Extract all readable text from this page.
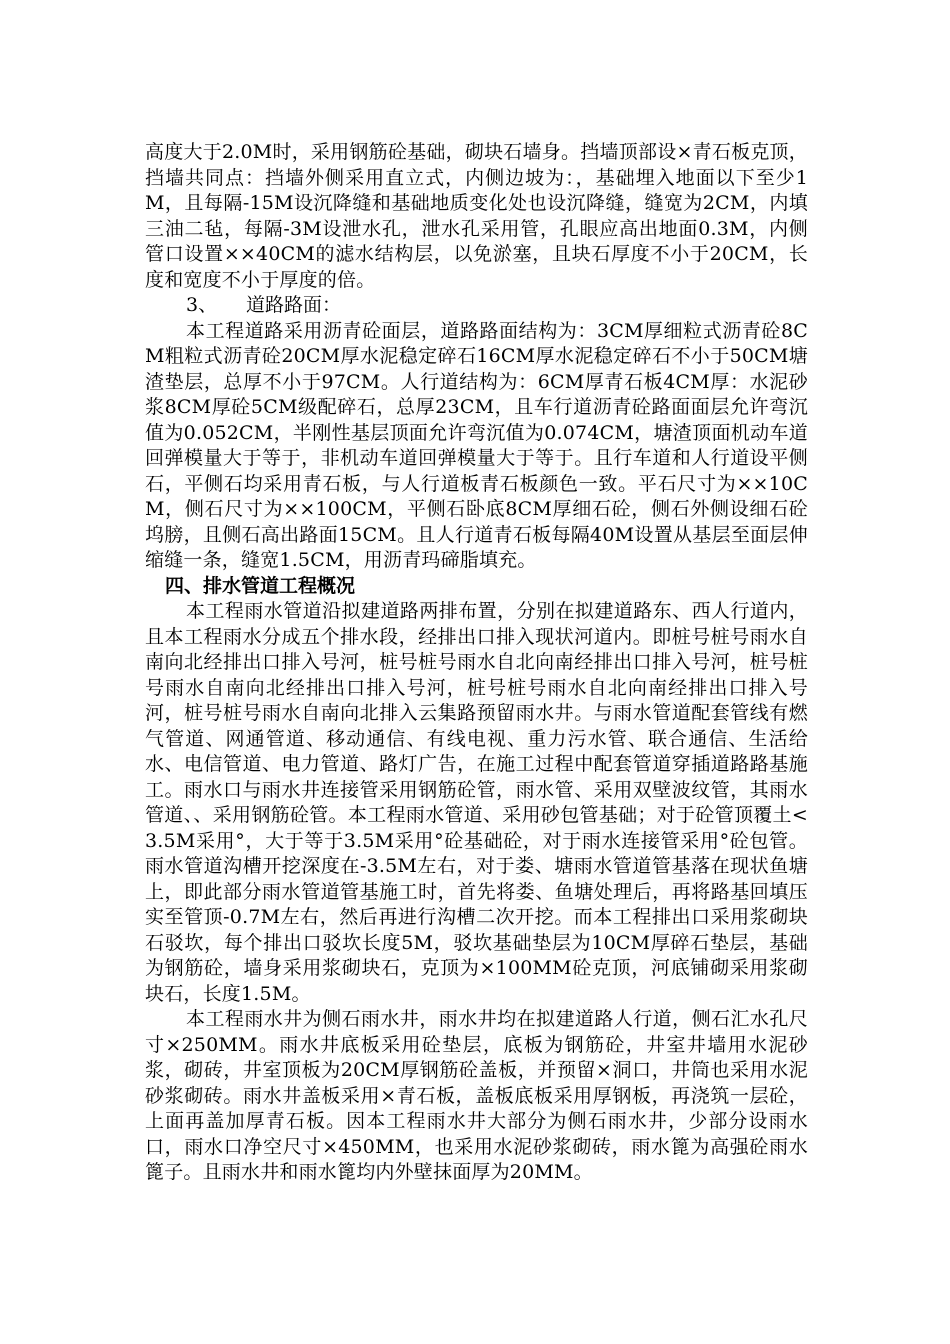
高度大于2.0M时，采用钢筋砼基础，砌块石墙身。挡墙顶部设×青石板克顶，挡墙共同点：挡墙外侧采用直立式，内侧边坡为：，基础埋入地面以下至少1M，且每隔-15M设沉降缝和基础地质变化处也设沉降缝，缝宽为2CM，内填三油二毡，每隔-3M设泄水孔，泄水孔采用管，孔眼应高出地面0.3M，内侧管口设置××40CM的滤水结构层，以免淤塞，且块石厚度不小于20CM，长度和宽度不小于厚度的倍。

3、 道路路面：

本工程道路采用沥青砼面层，道路路面结构为：3CM厚细粒式沥青砼8CM粗粒式沥青砼20CM厚水泥稳定碎石16CM厚水泥稳定碎石不小于50CM塘渣垫层，总厚不小于97CM。人行道结构为：6CM厚青石板4CM厚：水泥砂浆8CM厚砼5CM级配碎石，总厚23CM，且车行道沥青砼路面面层允许弯沉值为0.052CM，半刚性基层顶面允许弯沉值为0.074CM，塘渣顶面机动车道回弹模量大于等于，非机动车道回弹模量大于等于。且行车道和人行道设平侧石，平侧石均采用青石板，与人行道板青石板颜色一致。平石尺寸为××10CM，侧石尺寸为××100CM，平侧石卧底8CM厚细石砼，侧石外侧设细石砼坞膀，且侧石高出路面15CM。且人行道青石板每隔40M设置从基层至面层伸缩缝一条，缝宽1.5CM，用沥青玛碲脂填充。

四、排水管道工程概况

本工程雨水管道沿拟建道路两排布置，分别在拟建道路东、西人行道内，且本工程雨水分成五个排水段，经排出口排入现状河道内。即桩号桩号雨水自南向北经排出口排入号河，桩号桩号雨水自北向南经排出口排入号河，桩号桩号雨水自南向北经排出口排入号河，桩号桩号雨水自北向南经排出口排入号河，桩号桩号雨水自南向北排入云集路预留雨水井。与雨水管道配套管线有燃气管道、网通管道、移动通信、有线电视、重力污水管、联合通信、生活给水、电信管道、电力管道、路灯广告，在施工过程中配套管道穿插道路路基施工。雨水口与雨水井连接管采用钢筋砼管，雨水管、采用双壁波纹管，其雨水管道、、采用钢筋砼管。本工程雨水管道、采用砂包管基础；对于砼管顶覆土<3.5M采用°，大于等于3.5M采用°砼基础砼，对于雨水连接管采用°砼包管。雨水管道沟槽开挖深度在-3.5M左右，对于娄、塘雨水管道管基落在现状鱼塘上，即此部分雨水管道管基施工时，首先将娄、鱼塘处理后，再将路基回填压实至管顶-0.7M左右，然后再进行沟槽二次开挖。而本工程排出口采用浆砌块石驳坎，每个排出口驳坎长度5M，驳坎基础垫层为10CM厚碎石垫层，基础为钢筋砼，墙身采用浆砌块石，克顶为×100MM砼克顶，河底铺砌采用浆砌块石，长度1.5M。

本工程雨水井为侧石雨水井，雨水井均在拟建道路人行道，侧石汇水孔尺寸×250MM。雨水井底板采用砼垫层，底板为钢筋砼，井室井墙用水泥砂浆，砌砖，井室顶板为20CM厚钢筋砼盖板，并预留×洞口，井筒也采用水泥砂浆砌砖。雨水井盖板采用×青石板，盖板底板采用厚钢板，再浇筑一层砼，上面再盖加厚青石板。因本工程雨水井大部分为侧石雨水井，少部分设雨水口，雨水口净空尺寸×450MM，也采用水泥砂浆砌砖，雨水篦为高强砼雨水篦子。且雨水井和雨水篦均内外壁抹面厚为20MM。
